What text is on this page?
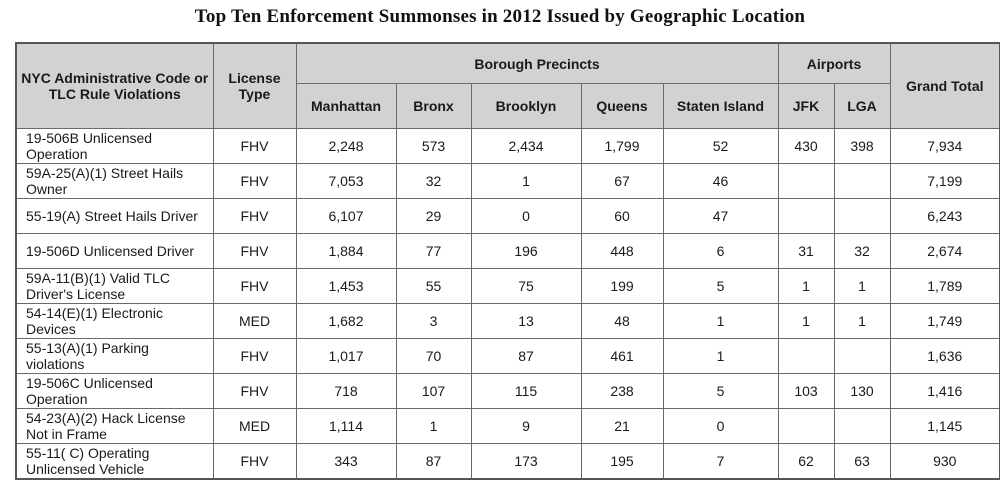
Top Ten Enforcement Summonses in 2012 Issued by Geographic Location
NYC Administrative Code or TLC Rule Violations	License Type	Borough Precincts					Airports		Grand Total
		Manhattan	Bronx	Brooklyn	Queens	Staten Island	JFK	LGA	
19-506B Unlicensed Operation	FHV	2,248	573	2,434	1,799	52	430	398	7,934
59A-25(A)(1) Street Hails Owner	FHV	7,053	32	1	67	46			7,199
55-19(A) Street Hails Driver	FHV	6,107	29	0	60	47			6,243
19-506D Unlicensed Driver	FHV	1,884	77	196	448	6	31	32	2,674
59A-11(B)(1) Valid TLC Driver's License	FHV	1,453	55	75	199	5	1	1	1,789
54-14(E)(1) Electronic Devices	MED	1,682	3	13	48	1	1	1	1,749
55-13(A)(1) Parking violations	FHV	1,017	70	87	461	1			1,636
19-506C Unlicensed Operation	FHV	718	107	115	238	5	103	130	1,416
54-23(A)(2) Hack License Not in Frame	MED	1,114	1	9	21	0			1,145
55-11( C) Operating Unlicensed Vehicle	FHV	343	87	173	195	7	62	63	930
